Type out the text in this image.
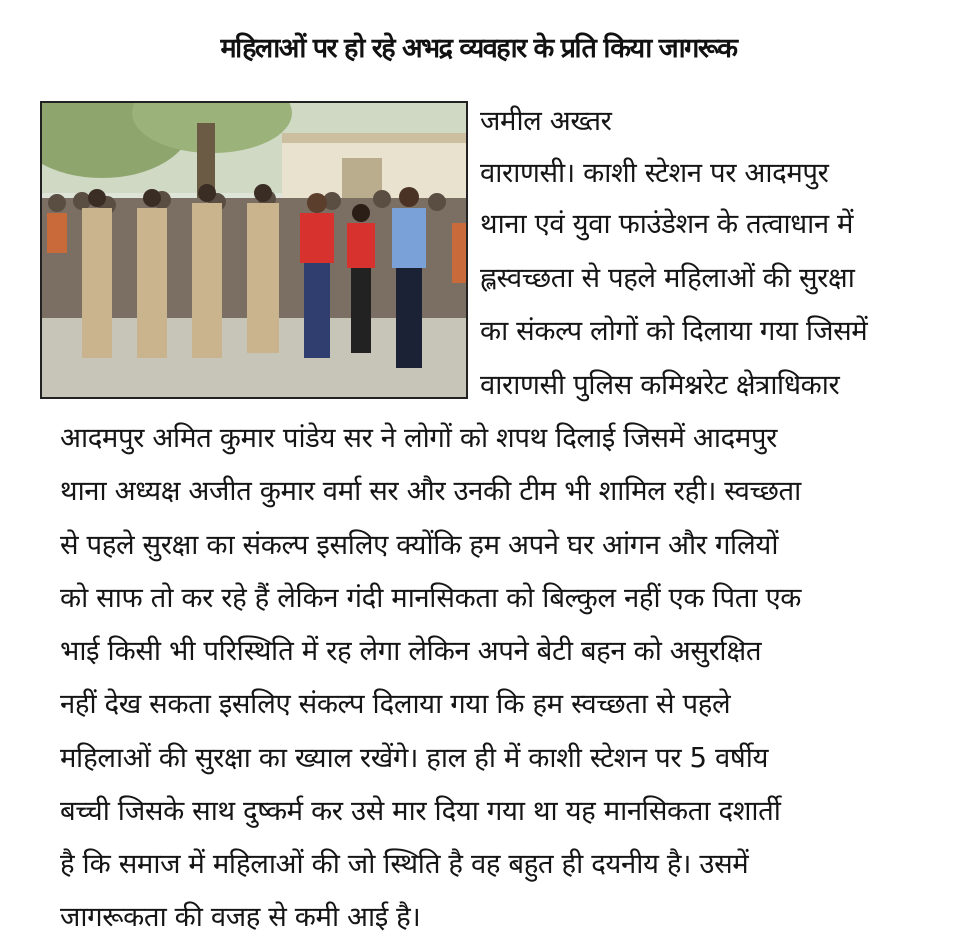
महिलाओं पर हो रहे अभद्र व्यवहार के प्रति किया जागरूक
जमील अख्तर
वाराणसी। काशी स्टेशन पर आदमपुर
थाना एवं युवा फाउंडेशन के तत्वाधान में
ह्लस्वच्छता से पहले महिलाओं की सुरक्षा
का संकल्प लोगों को दिलाया गया जिसमें
वाराणसी पुलिस कमिश्नरेट क्षेत्राधिकार
आदमपुर अमित कुमार पांडेय सर ने लोगों को शपथ दिलाई जिसमें आदमपुर
थाना अध्यक्ष अजीत कुमार वर्मा सर और उनकी टीम भी शामिल रही। स्वच्छता
से पहले सुरक्षा का संकल्प इसलिए क्योंकि हम अपने घर आंगन और गलियों
को साफ तो कर रहे हैं लेकिन गंदी मानसिकता को बिल्कुल नहीं एक पिता एक
भाई किसी भी परिस्थिति में रह लेगा लेकिन अपने बेटी बहन को असुरक्षित
नहीं देख सकता इसलिए संकल्प दिलाया गया कि हम स्वच्छता से पहले
महिलाओं की सुरक्षा का ख्याल रखेंगे। हाल ही में काशी स्टेशन पर 5 वर्षीय
बच्ची जिसके साथ दुष्कर्म कर उसे मार दिया गया था यह मानसिकता दशार्ती
है कि समाज में महिलाओं की जो स्थिति है वह बहुत ही दयनीय है। उसमें
जागरूकता की वजह से कमी आई है।
